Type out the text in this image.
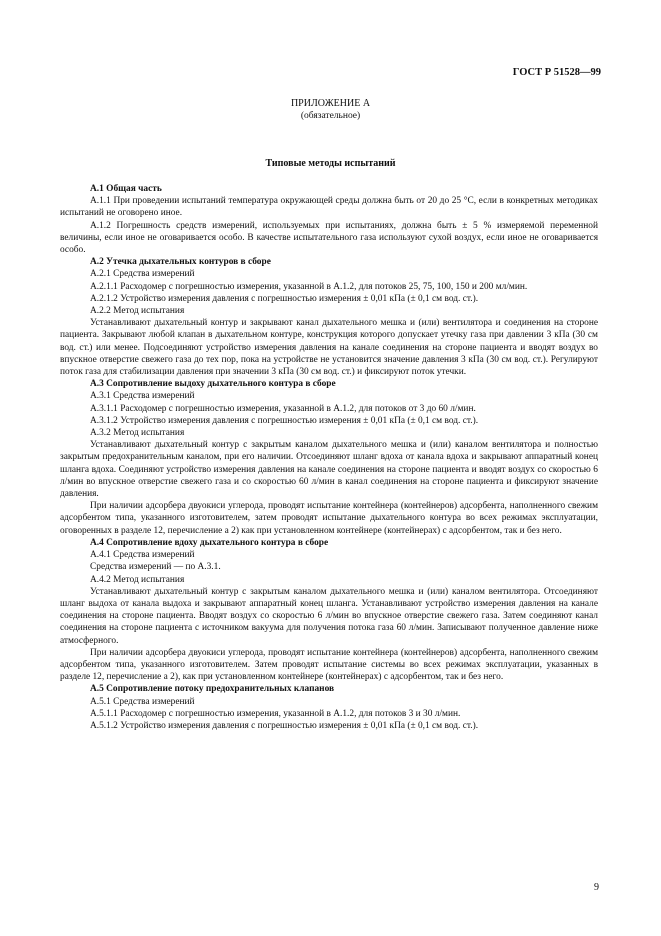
ГОСТ Р 51528—99
ПРИЛОЖЕНИЕ А
(обязательное)
Типовые методы испытаний

А.1 Общая часть

А.1.1 При проведении испытаний температура окружающей среды должна быть от 20 до 25 °С, если в конкретных методиках испытаний не оговорено иное.

А.1.2 Погрешность средств измерений, используемых при испытаниях, должна быть ± 5 % измеряемой переменной величины, если иное не оговаривается особо. В качестве испытательного газа используют сухой воздух, если иное не оговаривается особо.

А.2 Утечка дыхательных контуров в сборе

А.2.1 Средства измерений

А.2.1.1 Расходомер с погрешностью измерения, указанной в А.1.2, для потоков 25, 75, 100, 150 и 200 мл/мин.

А.2.1.2 Устройство измерения давления с погрешностью измерения ± 0,01 кПа (± 0,1 см вод. ст.).

А.2.2 Метод испытания

Устанавливают дыхательный контур и закрывают канал дыхательного мешка и (или) вентилятора и соединения на стороне пациента. Закрывают любой клапан в дыхательном контуре, конструкция которого допускает утечку газа при давлении 3 кПа (30 см вод. ст.) или менее. Подсоединяют устройство измерения давления на канале соединения на стороне пациента и вводят воздух во впускное отверстие свежего газа до тех пор, пока на устройстве не установится значение давления 3 кПа (30 см вод. ст.). Регулируют поток газа для стабилизации давления при значении 3 кПа (30 см вод. ст.) и фиксируют поток утечки.

А.3 Сопротивление выдоху дыхательного контура в сборе

А.3.1 Средства измерений

А.3.1.1 Расходомер с погрешностью измерения, указанной в А.1.2, для потоков от 3 до 60 л/мин.

А.3.1.2 Устройство измерения давления с погрешностью измерения ± 0,01 кПа (± 0,1 см вод. ст.).

А.3.2 Метод испытания

Устанавливают дыхательный контур с закрытым каналом дыхательного мешка и (или) каналом вентилятора и полностью закрытым предохранительным каналом, при его наличии. Отсоединяют шланг вдоха от канала вдоха и закрывают аппаратный конец шланга вдоха. Соединяют устройство измерения давления на канале соединения на стороне пациента и вводят воздух со скоростью 6 л/мин во впускное отверстие свежего газа и со скоростью 60 л/мин в канал соединения на стороне пациента и фиксируют значение давления.

При наличии адсорбера двуокиси углерода, проводят испытание контейнера (контейнеров) адсорбента, наполненного свежим адсорбентом типа, указанного изготовителем, затем проводят испытание дыхательного контура во всех режимах эксплуатации, оговоренных в разделе 12, перечисление а 2) как при установленном контейнере (контейнерах) с адсорбентом, так и без него.

А.4 Сопротивление вдоху дыхательного контура в сборе

А.4.1 Средства измерений

Средства измерений — по А.3.1.

А.4.2 Метод испытания

Устанавливают дыхательный контур с закрытым каналом дыхательного мешка и (или) каналом вентилятора. Отсоединяют шланг выдоха от канала выдоха и закрывают аппаратный конец шланга. Устанавливают устройство измерения давления на канале соединения на стороне пациента. Вводят воздух со скоростью 6 л/мин во впускное отверстие свежего газа. Затем соединяют канал соединения на стороне пациента с источником вакуума для получения потока газа 60 л/мин. Записывают полученное давление ниже атмосферного.

При наличии адсорбера двуокиси углерода, проводят испытание контейнера (контейнеров) адсорбента, наполненного свежим адсорбентом типа, указанного изготовителем. Затем проводят испытание системы во всех режимах эксплуатации, указанных в разделе 12, перечисление а 2), как при установленном контейнере (контейнерах) с адсорбентом, так и без него.

А.5 Сопротивление потоку предохранительных клапанов

А.5.1 Средства измерений

А.5.1.1 Расходомер с погрешностью измерения, указанной в А.1.2, для потоков 3 и 30 л/мин.

А.5.1.2 Устройство измерения давления с погрешностью измерения ± 0,01 кПа (± 0,1 см вод. ст.).

9
